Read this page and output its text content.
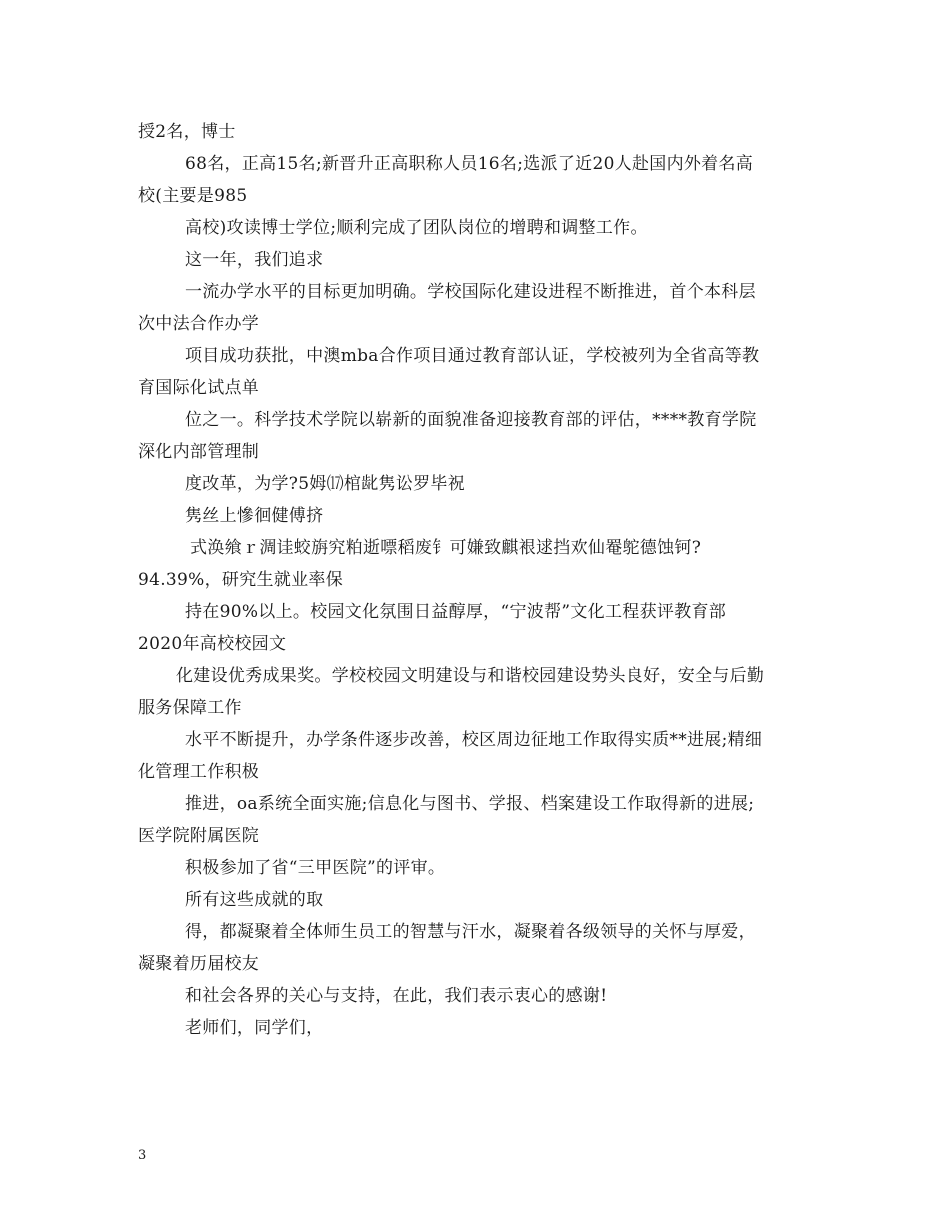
授2名，博士
68名，正高15名;新晋升正高职称人员16名;选派了近20人赴国内外着名高
校(主要是985
高校)攻读博士学位;顺利完成了团队岗位的增聘和调整工作。
这一年，我们追求
一流办学水平的目标更加明确。学校国际化建设进程不断推进，首个本科层
次中法合作办学
项目成功获批，中澳mba合作项目通过教育部认证，学校被列为全省高等教
育国际化试点单
位之一。科学技术学院以崭新的面貌准备迎接教育部的评估，****教育学院
深化内部管理制
度改革，为学?5姆⒄棺龀隽讼罗毕祝
隽丝上慘徊健傅挤
式涣飨ｒ淍诖蛟旃究粕逝嘌稻废钅可嫌致麒裉逑挡欢仙罨鸵德蚀钶?
94.39%，研究生就业率保
持在90%以上。校园文化氛围日益醇厚，“宁波帮”文化工程获评教育部
2020年高校校园文
化建设优秀成果奖。学校校园文明建设与和谐校园建设势头良好，安全与后勤
服务保障工作
水平不断提升，办学条件逐步改善，校区周边征地工作取得实质**进展;精细
化管理工作积极
推进，oa系统全面实施;信息化与图书、学报、档案建设工作取得新的进展;
医学院附属医院
积极参加了省“三甲医院”的评审。
所有这些成就的取
得，都凝聚着全体师生员工的智慧与汗水，凝聚着各级领导的关怀与厚爱，
凝聚着历届校友
和社会各界的关心与支持，在此，我们表示衷心的感谢!
老师们，同学们，
3
